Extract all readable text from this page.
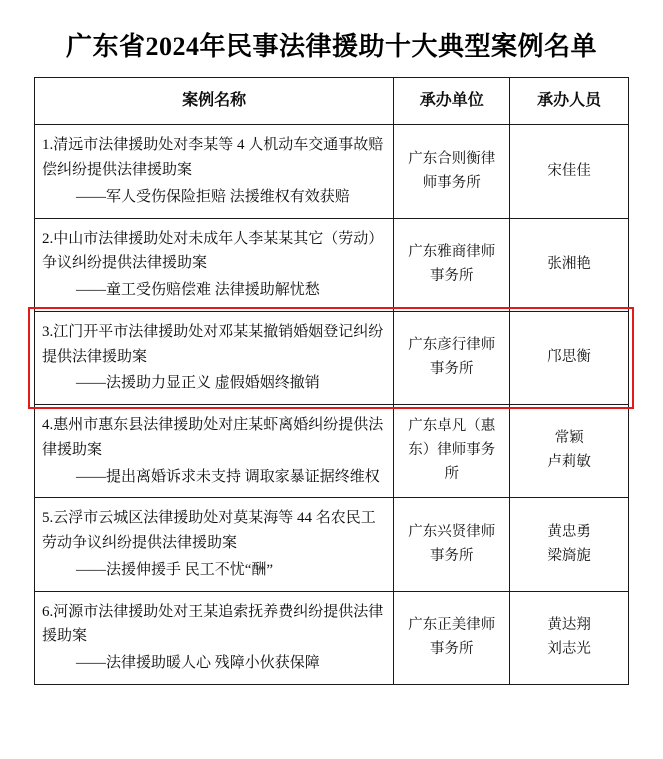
广东省2024年民事法律援助十大典型案例名单
案例名称	承办单位	承办人员
1.清远市法律援助处对李某等 4 人机动车交通事故赔偿纠纷提供法律援助案
——军人受伤保险拒赔 法援维权有效获赔	广东合则衡律师事务所	宋佳佳

2.中山市法律援助处对未成年人李某某其它（劳动）争议纠纷提供法律援助案
——童工受伤赔偿难 法律援助解忧愁	广东雅商律师事务所	张湘艳

3.江门开平市法律援助处对邓某某撤销婚姻登记纠纷提供法律援助案
——法援助力显正义 虚假婚姻终撤销	广东彦行律师事务所	邝思衡

4.惠州市惠东县法律援助处对庄某虾离婚纠纷提供法律援助案
——提出离婚诉求未支持 调取家暴证据终维权	广东卓凡（惠东）律师事务所	常颖
卢莉敏

5.云浮市云城区法律援助处对莫某海等 44 名农民工劳动争议纠纷提供法律援助案
——法援伸援手 民工不忧“酬”	广东兴贤律师事务所	黄忠勇
梁旖旎

6.河源市法律援助处对王某追索抚养费纠纷提供法律援助案
——法律援助暖人心 残障小伙获保障	广东正美律师事务所	黄达翔
刘志光
